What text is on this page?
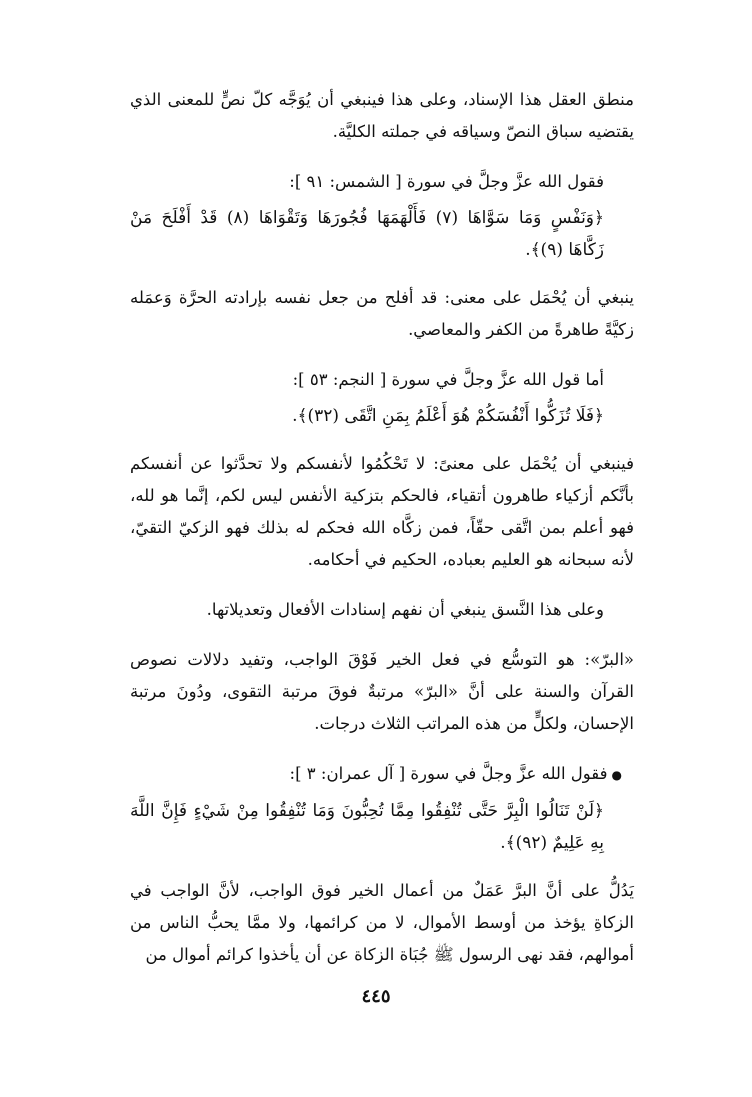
منطق العقل هذا الإسناد، وعلى هذا فينبغي أن يُوَجَّه كلّ نصٍّ للمعنى الذي يقتضيه سباق النصّ وسياقه في جملته الكليَّة.

فقول الله عزَّ وجلَّ في سورة [ الشمس: ٩١ ]:

﴿وَنَفْسٍ وَمَا سَوَّاهَا (٧) فَأَلْهَمَهَا فُجُورَهَا وَتَقْوَاهَا (٨) قَدْ أَفْلَحَ مَنْ زَكَّاهَا (٩)﴾.

ينبغي أن يُحْمَل على معنى: قد أفلح من جعل نفسه بإرادته الحرَّة وَعمَله زكيَّةً طاهرةً من الكفر والمعاصي.

أما قول الله عزَّ وجلَّ في سورة [ النجم: ٥٣ ]:

﴿فَلَا تُزَكُّوا أَنْفُسَكُمْ هُوَ أَعْلَمُ بِمَنِ اتَّقَى (٣٢)﴾.

فينبغي أن يُحْمَل على معنىً: لا تَحْكُمُوا لأنفسكم ولا تحدَّثوا عن أنفسكم بأنَّكم أزكياء طاهرون أتقياء، فالحكم بتزكية الأنفس ليس لكم، إنَّما هو لله، فهو أعلم بمن اتَّقى حقّاً، فمن زكَّاه الله فحكم له بذلك فهو الزكيّ التقيّ، لأنه سبحانه هو العليم بعباده، الحكيم في أحكامه.

وعلى هذا النَّسق ينبغي أن نفهم إسنادات الأفعال وتعديلاتها.

«البرّ»: هو التوسُّع في فعل الخير فَوْقَ الواجب، وتفيد دلالات نصوص القرآن والسنة على أنَّ «البرّ» مرتبةٌ فوقَ مرتبة التقوى، ودُونَ مرتبة الإحسان، ولكلٍّ من هذه المراتب الثلاث درجات.

● فقول الله عزَّ وجلَّ في سورة [ آل عمران: ٣ ]:

﴿لَنْ تَنَالُوا الْبِرَّ حَتَّى تُنْفِقُوا مِمَّا تُحِبُّونَ وَمَا تُنْفِقُوا مِنْ شَيْءٍ فَإِنَّ اللَّهَ بِهِ عَلِيمٌ (٩٢)﴾.

يَدُلُّ على أنَّ البرَّ عَمَلٌ من أعمال الخير فوق الواجب، لأنَّ الواجب في الزكاةِ يؤخذ من أوسط الأموال، لا من كرائمها، ولا ممَّا يحبُّ الناس من أموالهم، فقد نهى الرسول ﷺ جُبَاة الزكاة عن أن يأخذوا كرائم أموال من

٤٤٥
